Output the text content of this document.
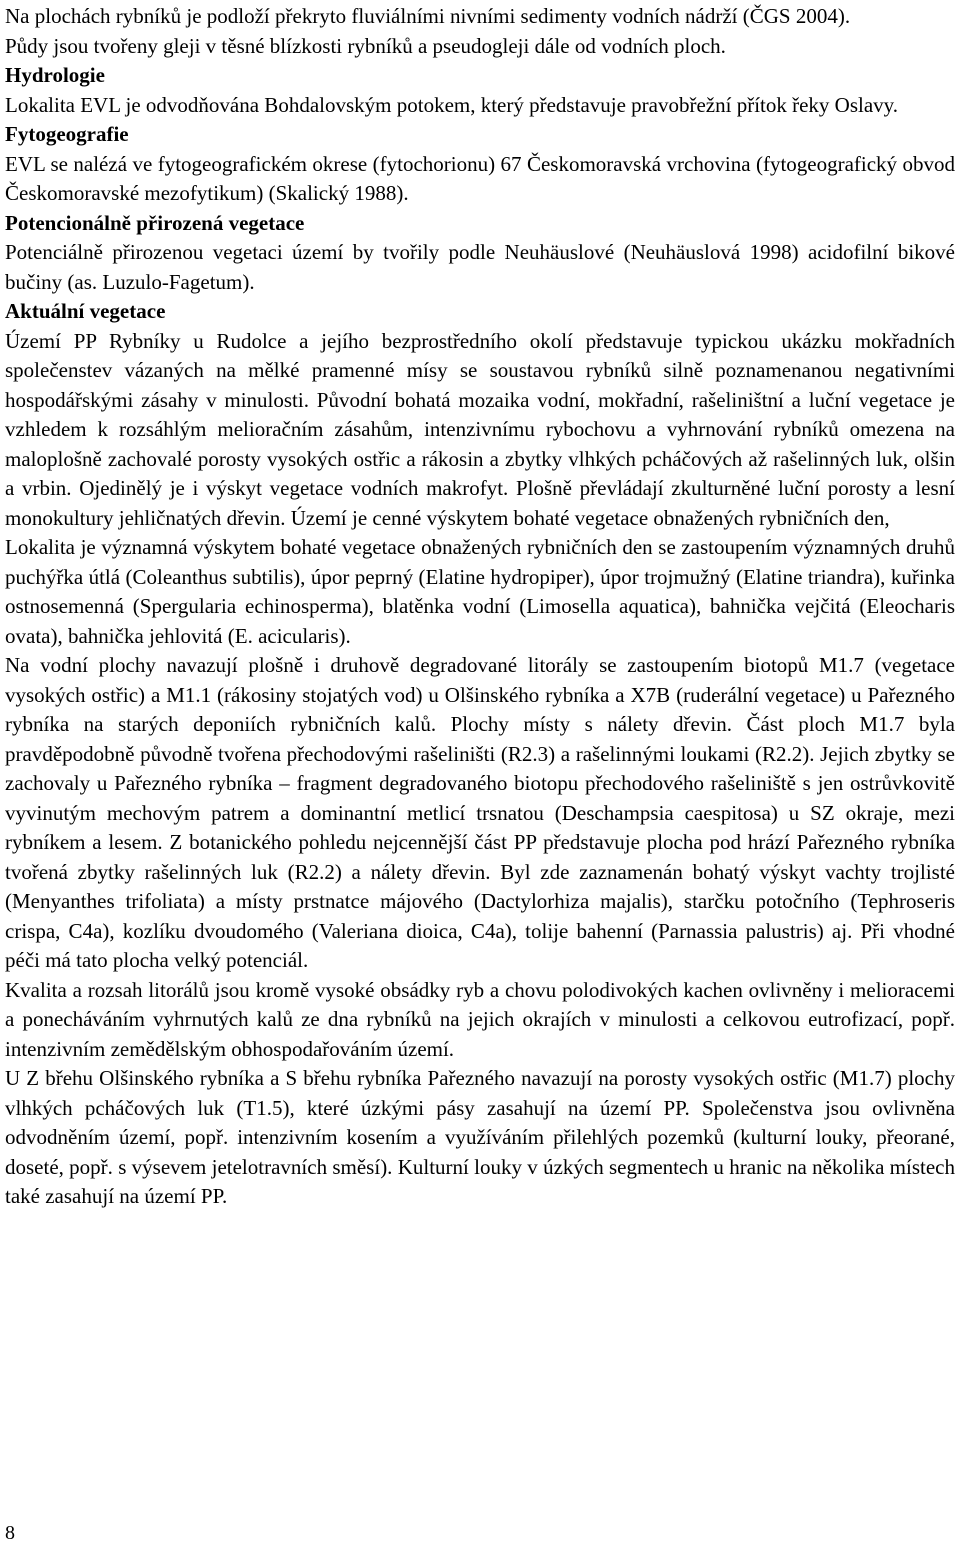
Na plochách rybníků je podloží překryto fluviálními nivními sedimenty vodních nádrží (ČGS 2004).

Půdy jsou tvořeny gleji v těsné blízkosti rybníků a pseudogleji dále od vodních ploch.

Hydrologie

Lokalita EVL je odvodňována Bohdalovským potokem, který představuje pravobřežní přítok řeky Oslavy.

Fytogeografie

EVL se nalézá ve fytogeografickém okrese (fytochorionu) 67 Českomoravská vrchovina (fytogeografický obvod Českomoravské mezofytikum) (Skalický 1988).

Potencionálně přirozená vegetace

Potenciálně přirozenou vegetaci území by tvořily podle Neuhäuslové (Neuhäuslová 1998) acidofilní bikové bučiny (as. Luzulo-Fagetum).

Aktuální vegetace

Území PP Rybníky u Rudolce a jejího bezprostředního okolí představuje typickou ukázku mokřadních společenstev vázaných na mělké pramenné mísy se soustavou rybníků silně poznamenanou negativními hospodářskými zásahy v minulosti. Původní bohatá mozaika vodní, mokřadní, rašeliništní a luční vegetace je vzhledem k rozsáhlým melioračním zásahům, intenzivnímu rybochovu a vyhrnování rybníků omezena na maloplošně zachovalé porosty vysokých ostřic a rákosin a zbytky vlhkých pcháčových až rašelinných luk, olšin a vrbin. Ojedinělý je i výskyt vegetace vodních makrofyt. Plošně převládají zkulturněné luční porosty a lesní monokultury jehličnatých dřevin. Území je cenné výskytem bohaté vegetace obnažených rybničních den,

Lokalita je významná výskytem bohaté vegetace obnažených rybničních den se zastoupením významných druhů puchýřka útlá (Coleanthus subtilis), úpor peprný (Elatine hydropiper), úpor trojmužný (Elatine triandra), kuřinka ostnosemenná (Spergularia echinosperma), blatěnka vodní (Limosella aquatica), bahnička vejčitá (Eleocharis ovata), bahnička jehlovitá (E. acicularis).

Na vodní plochy navazují plošně i druhově degradované litorály se zastoupením biotopů M1.7 (vegetace vysokých ostřic) a M1.1 (rákosiny stojatých vod) u Olšinského rybníka a X7B (ruderální vegetace) u Pařezného rybníka na starých deponiích rybničních kalů. Plochy místy s nálety dřevin. Část ploch M1.7 byla pravděpodobně původně tvořena přechodovými rašeliništi (R2.3) a rašelinnými loukami (R2.2). Jejich zbytky se zachovaly u Pařezného rybníka – fragment degradovaného biotopu přechodového rašeliniště s jen ostrůvkovitě vyvinutým mechovým patrem a dominantní metlicí trsnatou (Deschampsia caespitosa) u SZ okraje, mezi rybníkem a lesem. Z botanického pohledu nejcennější část PP představuje plocha pod hrází Pařezného rybníka tvořená zbytky rašelinných luk (R2.2) a nálety dřevin. Byl zde zaznamenán bohatý výskyt vachty trojlisté (Menyanthes trifoliata) a místy prstnatce májového (Dactylorhiza majalis), starčku potočního (Tephroseris crispa, C4a), kozlíku dvoudomého (Valeriana dioica, C4a), tolije bahenní (Parnassia palustris) aj. Při vhodné péči má tato plocha velký potenciál.

Kvalita a rozsah litorálů jsou kromě vysoké obsádky ryb a chovu polodivokých kachen ovlivněny i melioracemi a ponecháváním vyhrnutých kalů ze dna rybníků na jejich okrajích v minulosti a celkovou eutrofizací, popř. intenzivním zemědělským obhospodařováním území.

U Z břehu Olšinského rybníka a S břehu rybníka Pařezného navazují na porosty vysokých ostřic (M1.7) plochy vlhkých pcháčových luk (T1.5), které úzkými pásy zasahují na území PP. Společenstva jsou ovlivněna odvodněním území, popř. intenzivním kosením a využíváním přilehlých pozemků (kulturní louky, přeorané, doseté, popř. s výsevem jetelotravních směsí). Kulturní louky v úzkých segmentech u hranic na několika místech také zasahují na území PP.

8
